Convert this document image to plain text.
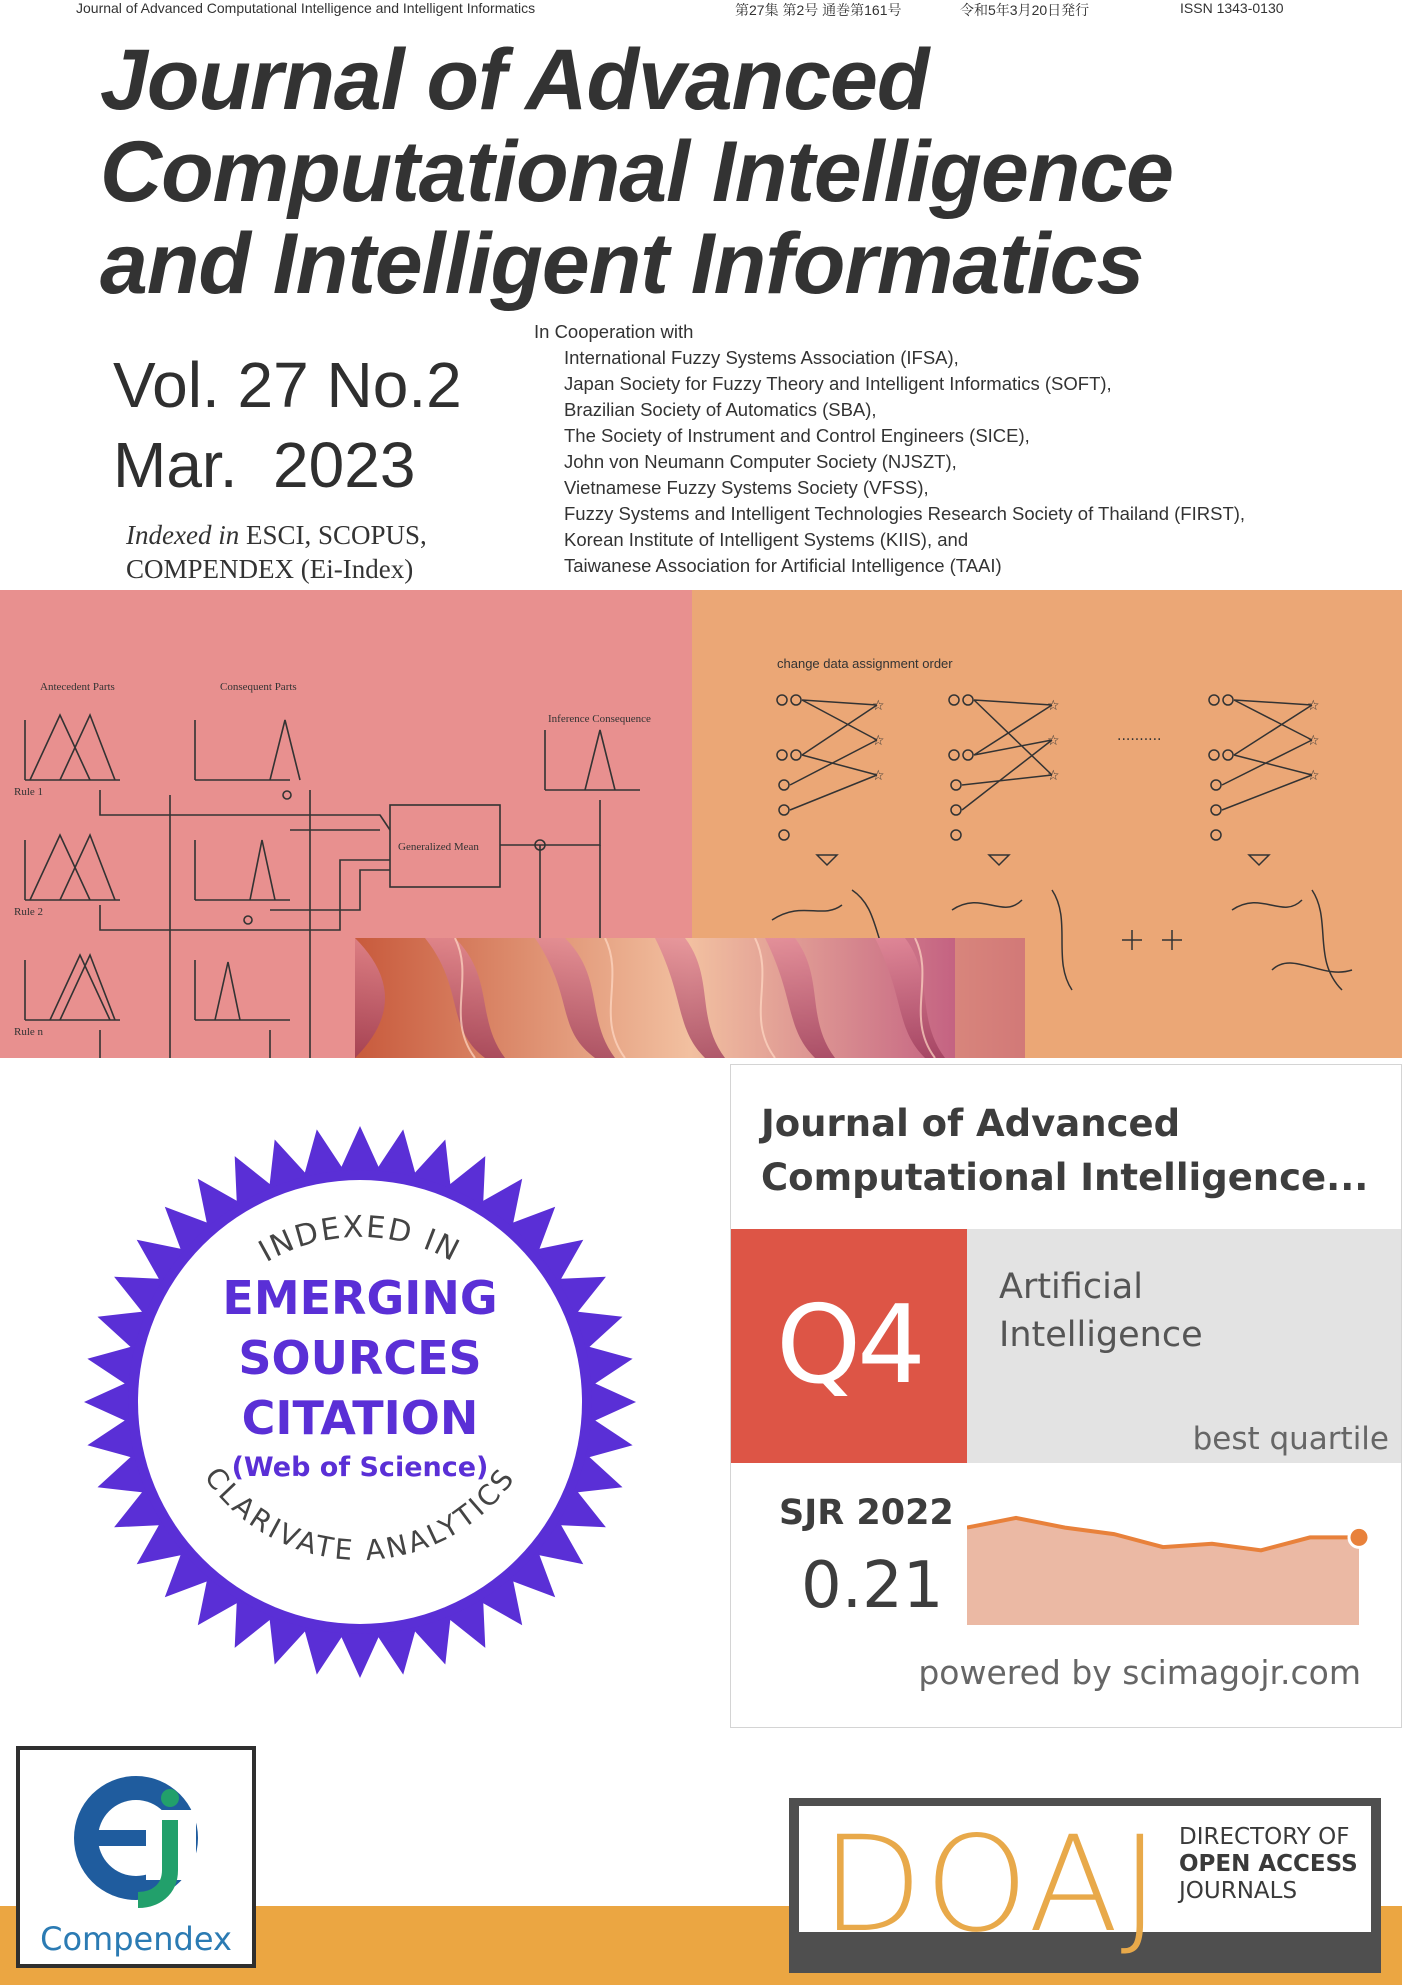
Journal of Advanced Computational Intelligence and Intelligent Informatics	第27集 第2号 通巻第161号	令和5年3月20日発行	ISSN 1343-0130
Journal of Advanced
Computational Intelligence
and Intelligent Informatics
Vol. 27 No.2
Mar.  2023
Indexed in ESCI, SCOPUS,
COMPENDEX (Ei-Index)
In Cooperation with
International Fuzzy Systems Association (IFSA),
Japan Society for Fuzzy Theory and Intelligent Informatics (SOFT),
Brazilian Society of Automatics (SBA),
The Society of Instrument and Control Engineers (SICE),
John von Neumann Computer Society (NJSZT),
Vietnamese Fuzzy Systems Society (VFSS),
Fuzzy Systems and Intelligent Technologies Research Society of Thailand (FIRST),
Korean Institute of Intelligent Systems (KIIS), and
Taiwanese Association for Artificial Intelligence (TAAI)
Antecedent Parts	Consequent Parts
Inference Consequence
Generalized Mean
Rule 1
Rule 2
Rule n
change data assignment order
☆
☆
☆
☆
☆
☆
☆
☆
☆
..........
INDEXED IN
CLARIVATE ANALYTICS
EMERGING
SOURCES
CITATION
(Web of Science)
Journal of Advanced
Computational Intelligence...
Q4	Artificial
Intelligence
best quartile
SJR 2022
0.21
powered by scimagojr.com
Compendex	DOAJ DIRECTORY OF
OPEN ACCESS
JOURNALS
